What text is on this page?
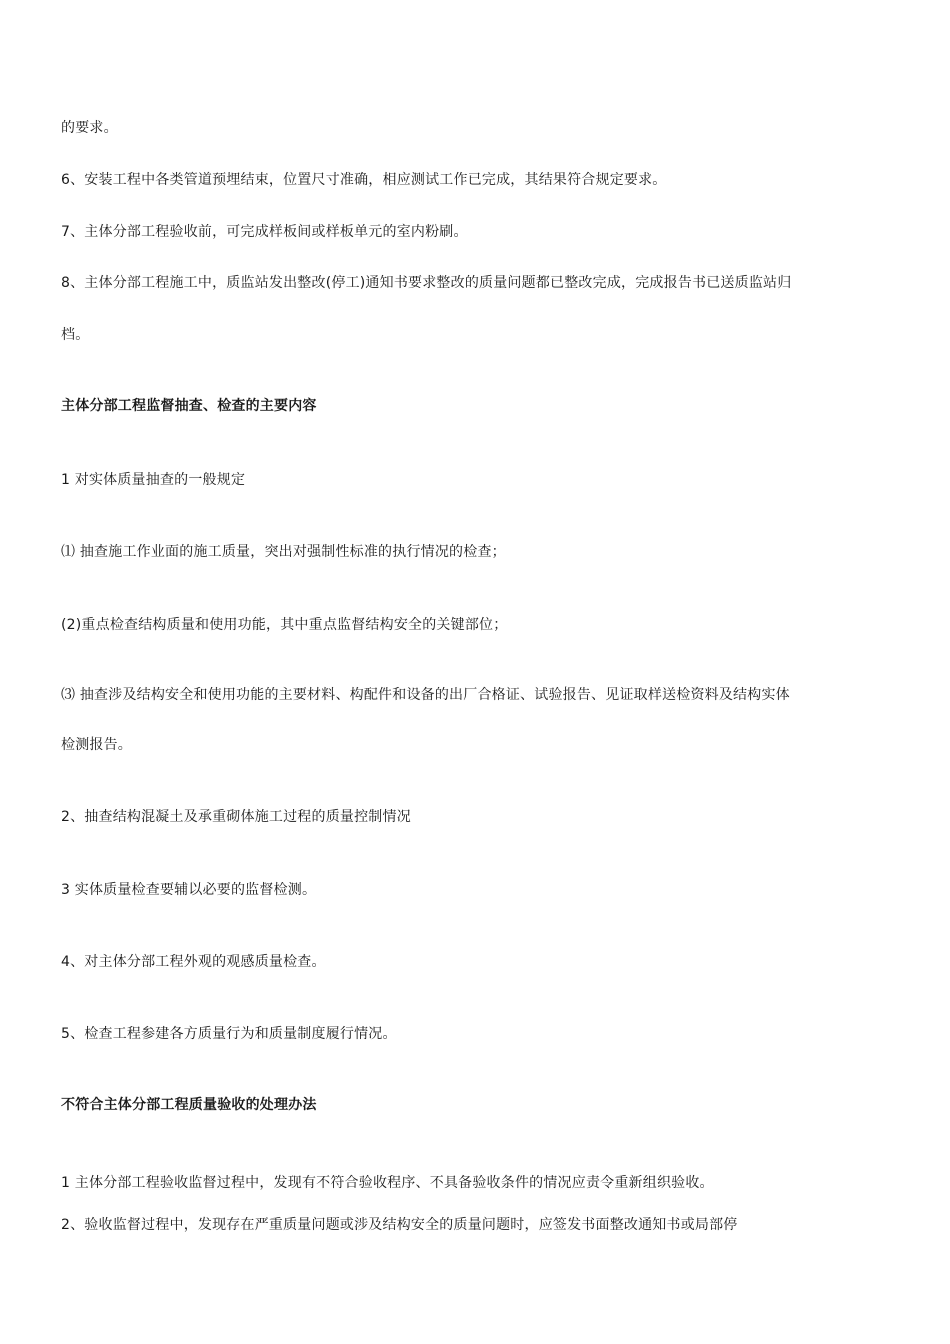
的要求。

6、安装工程中各类管道预埋结束，位置尺寸准确，相应测试工作已完成，其结果符合规定要求。

7、主体分部工程验收前，可完成样板间或样板单元的室内粉刷。

8、主体分部工程施工中，质监站发出整改(停工)通知书要求整改的质量问题都已整改完成，完成报告书已送质监站归

档。

主体分部工程监督抽查、检查的主要内容

1 对实体质量抽查的一般规定

⑴ 抽查施工作业面的施工质量，突出对强制性标准的执行情况的检查；

(2)重点检查结构质量和使用功能，其中重点监督结构安全的关键部位；

⑶ 抽查涉及结构安全和使用功能的主要材料、构配件和设备的出厂合格证、试验报告、见证取样送检资料及结构实体

检测报告。

2、抽查结构混凝土及承重砌体施工过程的质量控制情况

3 实体质量检查要辅以必要的监督检测。

4、对主体分部工程外观的观感质量检查。

5、检查工程参建各方质量行为和质量制度履行情况。

不符合主体分部工程质量验收的处理办法

1 主体分部工程验收监督过程中，发现有不符合验收程序、不具备验收条件的情况应责令重新组织验收。

2、验收监督过程中，发现存在严重质量问题或涉及结构安全的质量问题时，应签发书面整改通知书或局部停
